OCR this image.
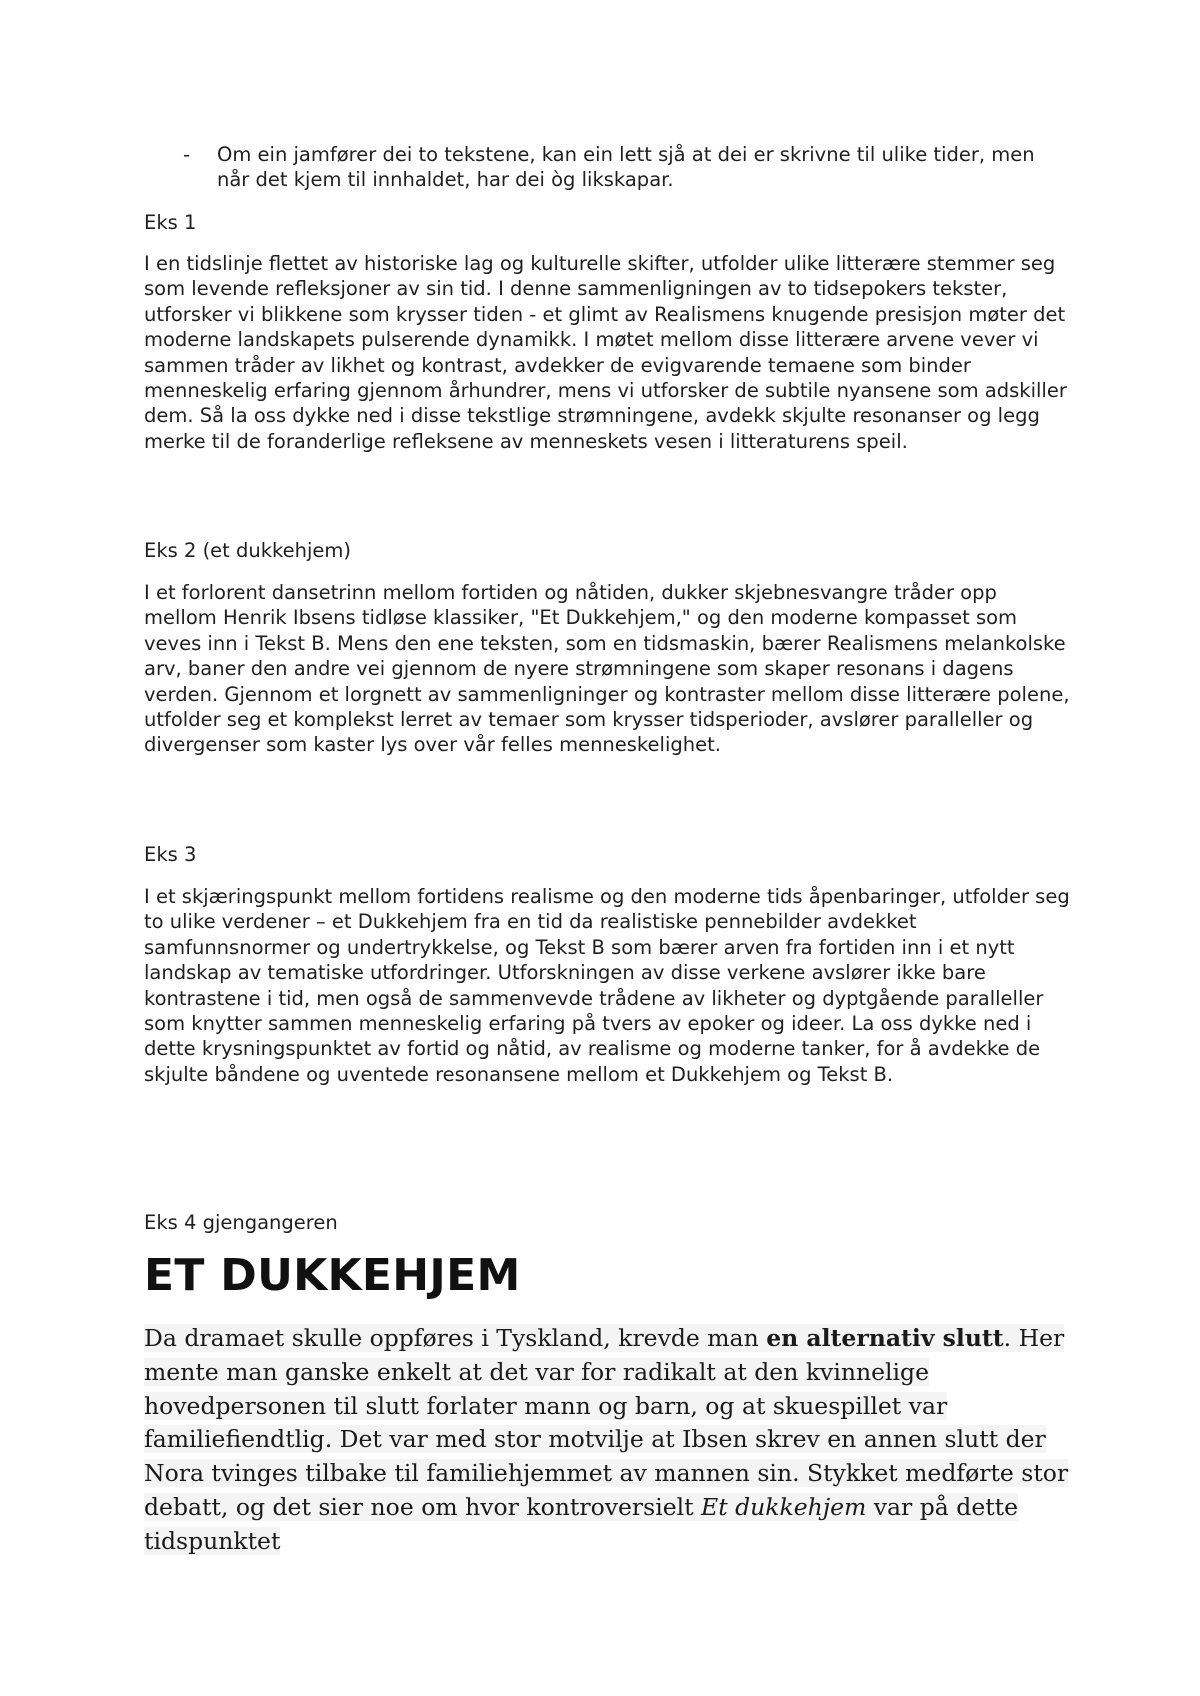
- Om ein jamfører dei to tekstene, kan ein lett sjå at dei er skrivne til ulike tider, men når det kjem til innhaldet, har dei òg likskapar.
Eks 1
I en tidslinje flettet av historiske lag og kulturelle skifter, utfolder ulike litterære stemmer seg som levende refleksjoner av sin tid. I denne sammenligningen av to tidsepokers tekster, utforsker vi blikkene som krysser tiden - et glimt av Realismens knugende presisjon møter det moderne landskapets pulserende dynamikk. I møtet mellom disse litterære arvene vever vi sammen tråder av likhet og kontrast, avdekker de evigvarende temaene som binder menneskelig erfaring gjennom århundrer, mens vi utforsker de subtile nyansene som adskiller dem. Så la oss dykke ned i disse tekstlige strømningene, avdekk skjulte resonanser og legg merke til de foranderlige refleksene av menneskets vesen i litteraturens speil.
Eks 2 (et dukkehjem)
I et forlorent dansetrinn mellom fortiden og nåtiden, dukker skjebnesvangre tråder opp mellom Henrik Ibsens tidløse klassiker, "Et Dukkehjem," og den moderne kompasset som veves inn i Tekst B. Mens den ene teksten, som en tidsmaskin, bærer Realismens melankolske arv, baner den andre vei gjennom de nyere strømningene som skaper resonans i dagens verden. Gjennom et lorgnett av sammenligninger og kontraster mellom disse litterære polene, utfolder seg et komplekst lerret av temaer som krysser tidsperioder, avslører paralleller og divergenser som kaster lys over vår felles menneskelighet.
Eks 3
I et skjæringspunkt mellom fortidens realisme og den moderne tids åpenbaringer, utfolder seg to ulike verdener – et Dukkehjem fra en tid da realistiske pennebilder avdekket samfunnsnormer og undertrykkelse, og Tekst B som bærer arven fra fortiden inn i et nytt landskap av tematiske utfordringer. Utforskningen av disse verkene avslører ikke bare kontrastene i tid, men også de sammenvevde trådene av likheter og dyptgående paralleller som knytter sammen menneskelig erfaring på tvers av epoker og ideer. La oss dykke ned i dette krysningspunktet av fortid og nåtid, av realisme og moderne tanker, for å avdekke de skjulte båndene og uventede resonansene mellom et Dukkehjem og Tekst B.
Eks 4 gjengangeren
ET DUKKEHJEM
Da dramaet skulle oppføres i Tyskland, krevde man en alternativ slutt. Her mente man ganske enkelt at det var for radikalt at den kvinnelige hovedpersonen til slutt forlater mann og barn, og at skuespillet var familiefiendtlig. Det var med stor motvilje at Ibsen skrev en annen slutt der Nora tvinges tilbake til familiehjemmet av mannen sin. Stykket medførte stor debatt, og det sier noe om hvor kontroversielt Et dukkehjem var på dette tidspunktet
